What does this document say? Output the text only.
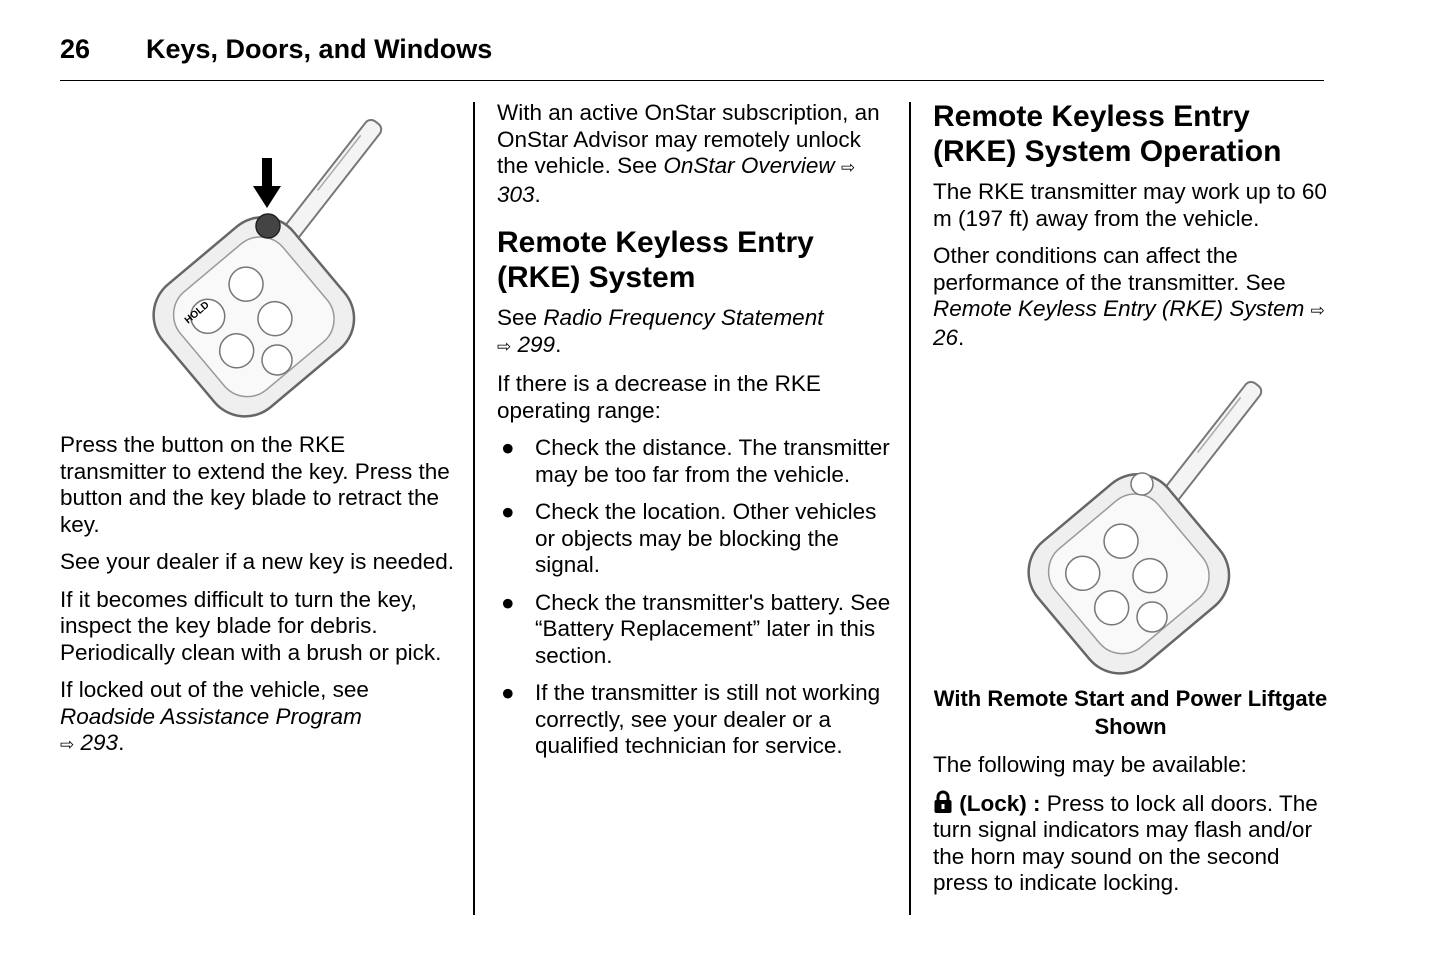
26 Keys, Doors, and Windows
HOLD

Press the button on the RKE transmitter to extend the key. Press the button and the key blade to retract the key.

See your dealer if a new key is needed.

If it becomes difficult to turn the key, inspect the key blade for debris. Periodically clean with a brush or pick.

If locked out of the vehicle, see Roadside Assistance Program
⇨ 293.

With an active OnStar subscription, an OnStar Advisor may remotely unlock the vehicle. See OnStar Overview ⇨ 303.

Remote Keyless Entry (RKE) System

See Radio Frequency Statement
⇨ 299.

If there is a decrease in the RKE operating range:

● Check the distance. The transmitter may be too far from the vehicle.
● Check the location. Other vehicles or objects may be blocking the signal.
● Check the transmitter's battery. See “Battery Replacement” later in this section.
● If the transmitter is still not working correctly, see your dealer or a qualified technician for service.
Remote Keyless Entry (RKE) System Operation

The RKE transmitter may work up to 60 m (197 ft) away from the vehicle.

Other conditions can affect the performance of the transmitter. See Remote Keyless Entry (RKE) System ⇨ 26.

With Remote Start and Power Liftgate Shown

The following may be available:

(Lock) : Press to lock all doors. The turn signal indicators may flash and/or the horn may sound on the second press to indicate locking.
